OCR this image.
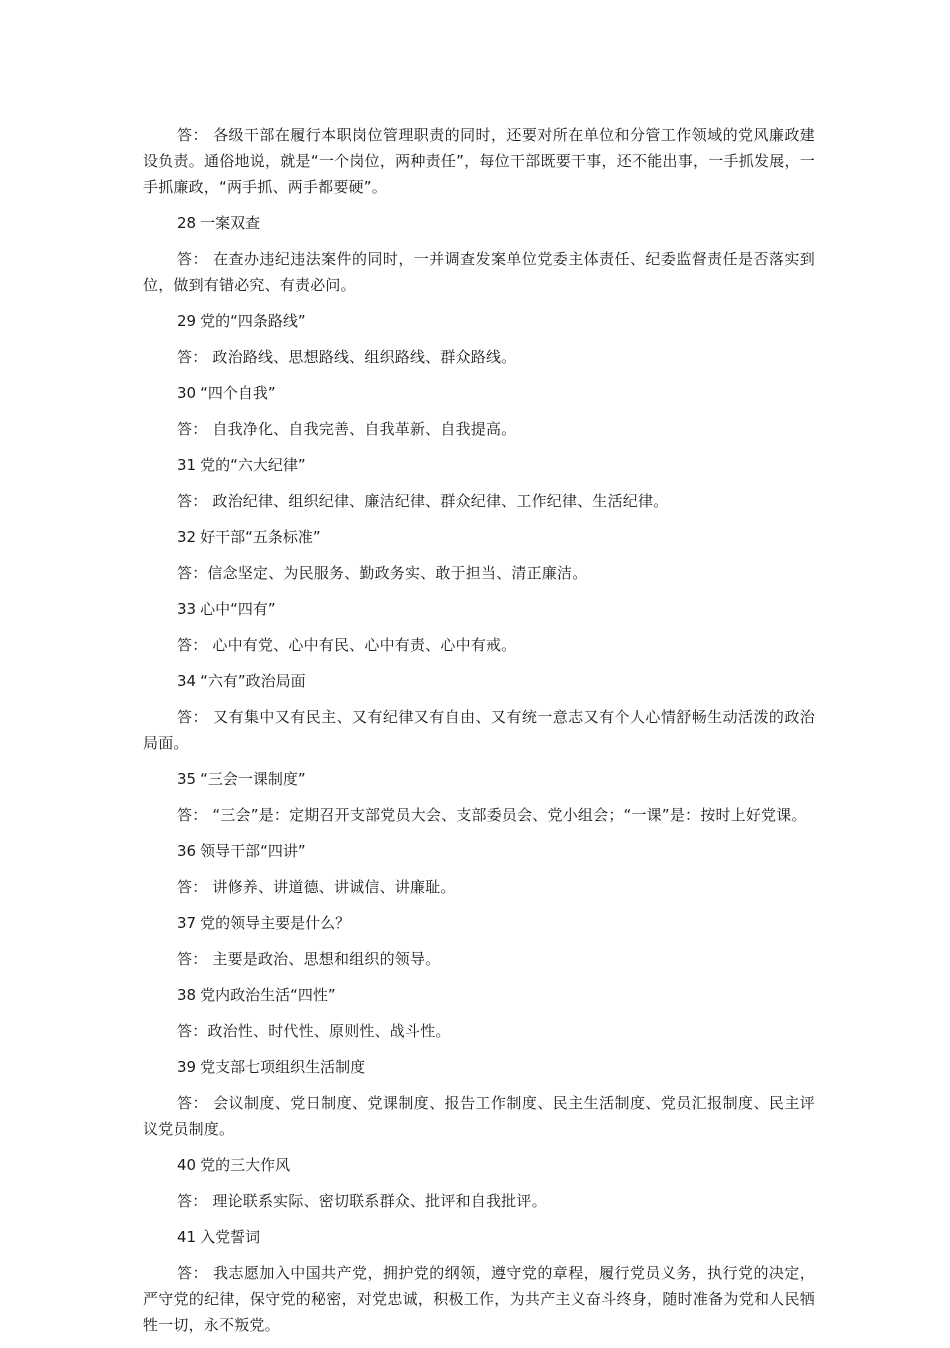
答： 各级干部在履行本职岗位管理职责的同时，还要对所在单位和分管工作领域的党风廉政建设负责。通俗地说，就是“一个岗位，两种责任”，每位干部既要干事，还不能出事，一手抓发展，一手抓廉政，“两手抓、两手都要硬”。

28 一案双查

答： 在查办违纪违法案件的同时，一并调查发案单位党委主体责任、纪委监督责任是否落实到位，做到有错必究、有责必问。

29 党的“四条路线”

答： 政治路线、思想路线、组织路线、群众路线。

30 “四个自我”

答： 自我净化、自我完善、自我革新、自我提高。

31 党的“六大纪律”

答： 政治纪律、组织纪律、廉洁纪律、群众纪律、工作纪律、生活纪律。

32 好干部“五条标准”

答：信念坚定、为民服务、勤政务实、敢于担当、清正廉洁。

33 心中“四有”

答： 心中有党、心中有民、心中有责、心中有戒。

34 “六有”政治局面

答： 又有集中又有民主、又有纪律又有自由、又有统一意志又有个人心情舒畅生动活泼的政治局面。

35 “三会一课制度”

答： “三会”是：定期召开支部党员大会、支部委员会、党小组会；“一课”是：按时上好党课。

36 领导干部“四讲”

答： 讲修养、讲道德、讲诚信、讲廉耻。

37 党的领导主要是什么？

答： 主要是政治、思想和组织的领导。

38 党内政治生活“四性”

答：政治性、时代性、原则性、战斗性。

39 党支部七项组织生活制度

答： 会议制度、党日制度、党课制度、报告工作制度、民主生活制度、党员汇报制度、民主评议党员制度。

40 党的三大作风

答： 理论联系实际、密切联系群众、批评和自我批评。

41 入党誓词

答： 我志愿加入中国共产党，拥护党的纲领，遵守党的章程，履行党员义务，执行党的决定，严守党的纪律，保守党的秘密，对党忠诚，积极工作，为共产主义奋斗终身，随时准备为党和人民牺牲一切，永不叛党。
